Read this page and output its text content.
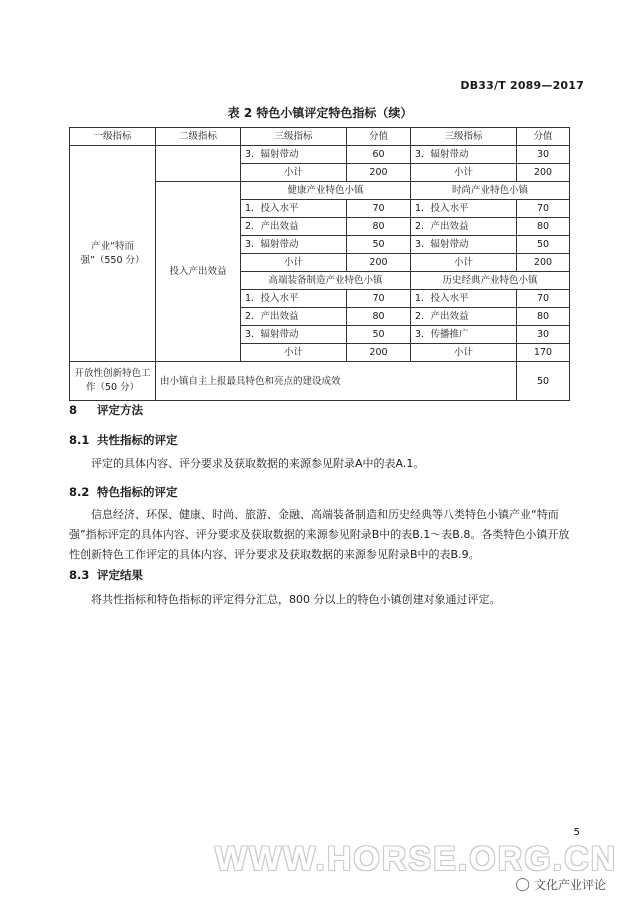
DB33/T 2089—2017
表 2 特色小镇评定特色指标（续）
一级指标	二级指标	三级指标	分值	三级指标	分值
产业“特而强”（550 分）		3．辐射带动	60	3．辐射带动	30
		小计	200	小计	200
	投入产出效益	健康产业特色小镇		时尚产业特色小镇	
		1．投入水平	70	1．投入水平	70
		2．产出效益	80	2．产出效益	80
		3．辐射带动	50	3．辐射带动	50
		小计	200	小计	200
		高端装备制造产业特色小镇		历史经典产业特色小镇	
		1．投入水平	70	1．投入水平	70
		2．产出效益	80	2．产出效益	80
		3．辐射带动	50	3．传播推广	30
		小计	200	小计	170
开放性创新特色工作（50 分）	由小镇自主上报最具特色和亮点的建设成效				50
8 评定方法
8.1 共性指标的评定

评定的具体内容、评分要求及获取数据的来源参见附录A中的表A.1。

8.2 特色指标的评定

信息经济、环保、健康、时尚、旅游、金融、高端装备制造和历史经典等八类特色小镇产业“特而强”指标评定的具体内容、评分要求及获取数据的来源参见附录B中的表B.1～表B.8。各类特色小镇开放性创新特色工作评定的具体内容、评分要求及获取数据的来源参见附录B中的表B.9。

8.3 评定结果

将共性指标和特色指标的评定得分汇总，800 分以上的特色小镇创建对象通过评定。

5
WWW.HORSE.ORG.CN
◯ 文化产业评论
